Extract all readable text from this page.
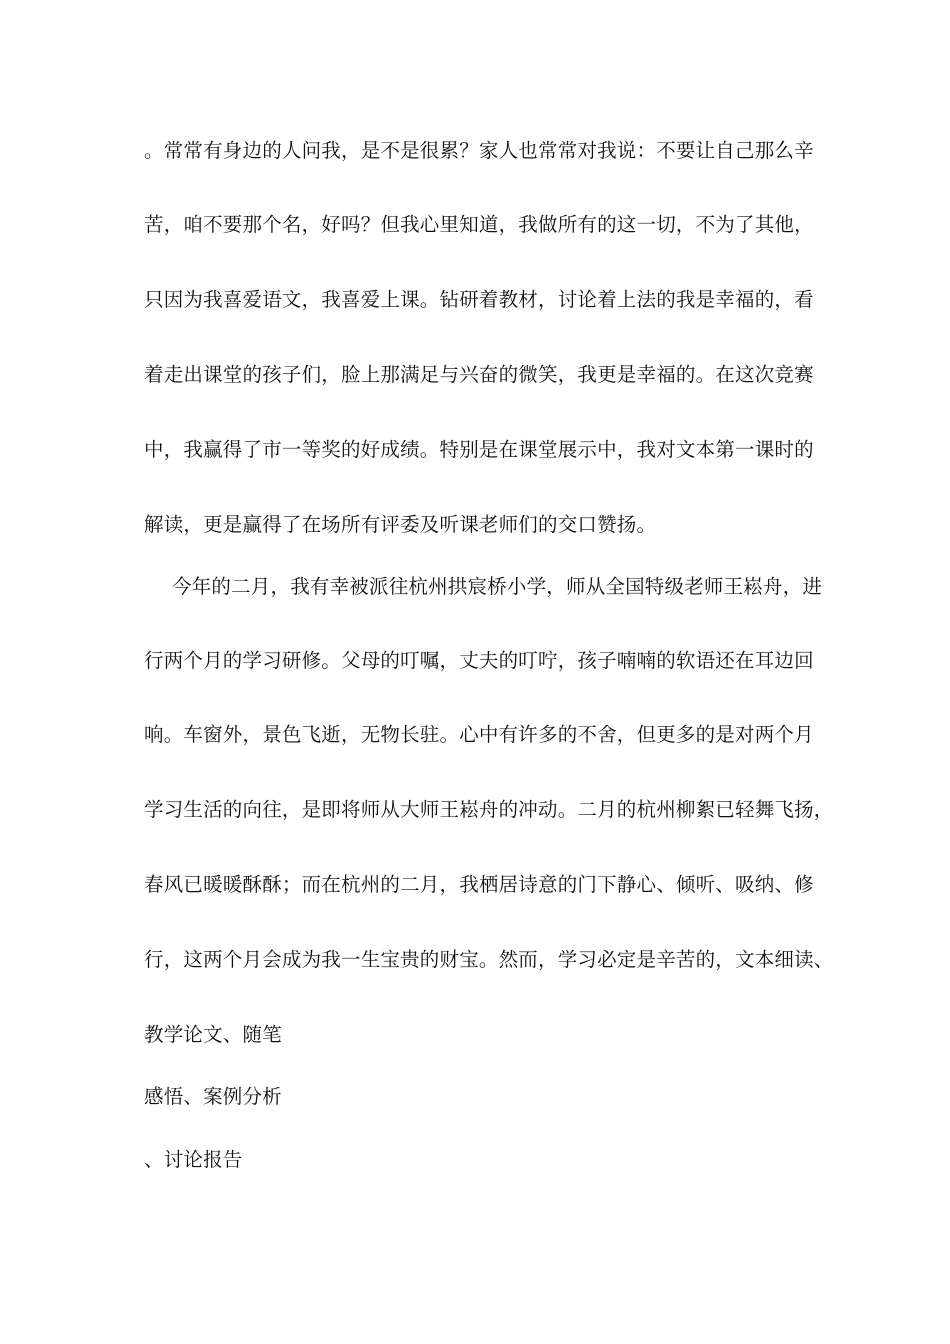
。常常有身边的人问我，是不是很累？家人也常常对我说：不要让自己那么辛
苦，咱不要那个名，好吗？但我心里知道，我做所有的这一切，不为了其他，
只因为我喜爱语文，我喜爱上课。钻研着教材，讨论着上法的我是幸福的，看
着走出课堂的孩子们，脸上那满足与兴奋的微笑，我更是幸福的。在这次竞赛
中，我赢得了市一等奖的好成绩。特别是在课堂展示中，我对文本第一课时的
解读，更是赢得了在场所有评委及听课老师们的交口赞扬。
今年的二月，我有幸被派往杭州拱宸桥小学，师从全国特级老师王崧舟，进
行两个月的学习研修。父母的叮嘱，丈夫的叮咛，孩子喃喃的软语还在耳边回
响。车窗外，景色飞逝，无物长驻。心中有许多的不舍，但更多的是对两个月
学习生活的向往，是即将师从大师王崧舟的冲动。二月的杭州柳絮已轻舞飞扬，
春风已暖暖酥酥；而在杭州的二月，我栖居诗意的门下静心、倾听、吸纳、修
行，这两个月会成为我一生宝贵的财宝。然而，学习必定是辛苦的，文本细读、
教学论文、随笔
感悟、案例分析
、讨论报告
